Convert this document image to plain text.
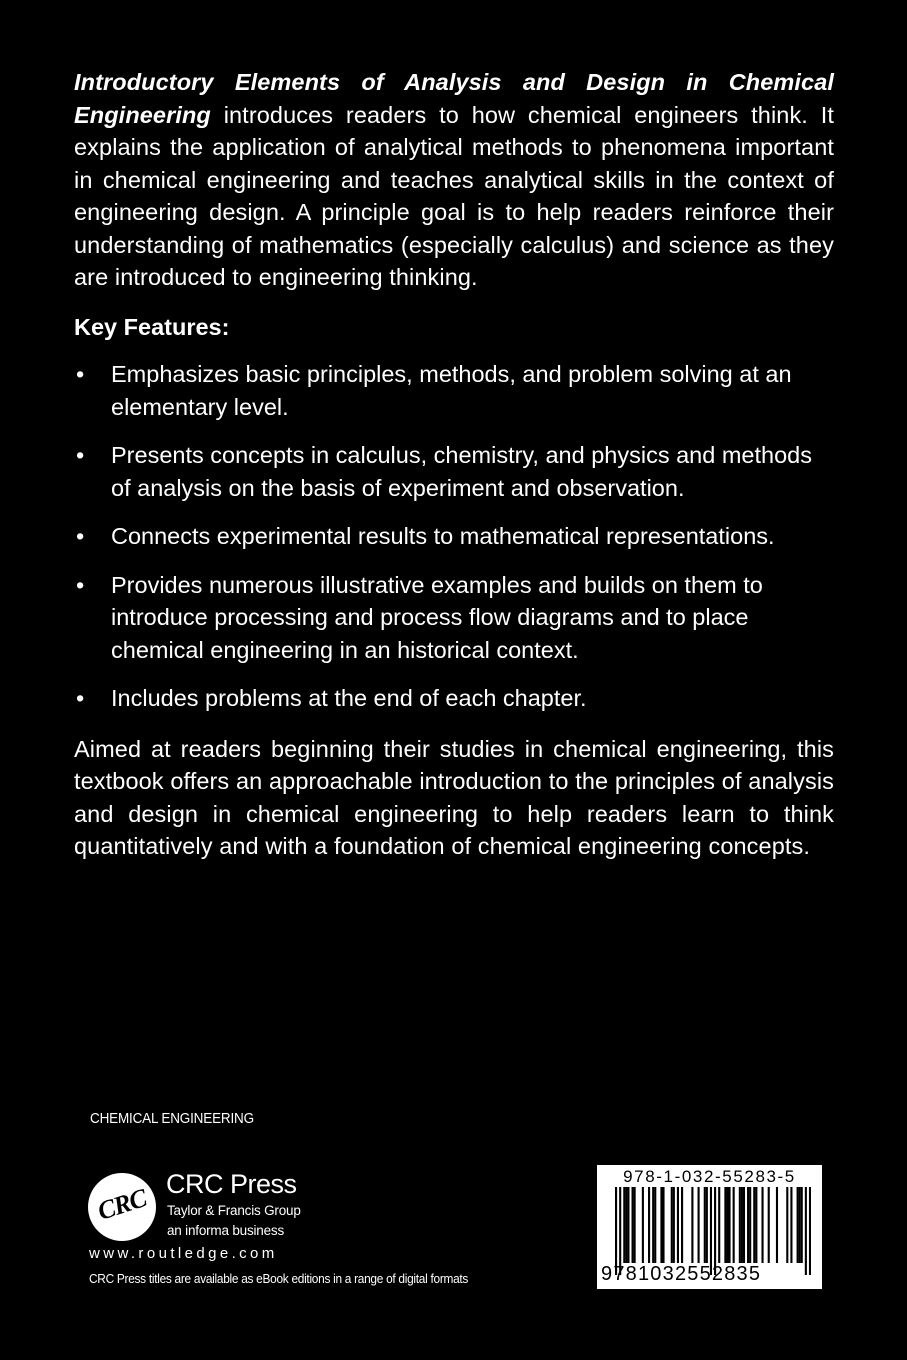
Introductory Elements of Analysis and Design in Chemical Engineering introduces readers to how chemical engineers think. It explains the application of analytical methods to phenomena important in chemical engineering and teaches analytical skills in the context of engineering design. A principle goal is to help readers reinforce their understanding of mathematics (especially calculus) and science as they are introduced to engineering thinking.

Key Features:

• Emphasizes basic principles, methods, and problem solving at an elementary level.
• Presents concepts in calculus, chemistry, and physics and methods of analysis on the basis of experiment and observation.
• Connects experimental results to mathematical representations.
• Provides numerous illustrative examples and builds on them to introduce processing and process flow diagrams and to place chemical engineering in an historical context.
• Includes problems at the end of each chapter.

Aimed at readers beginning their studies in chemical engineering, this textbook offers an approachable introduction to the principles of analysis and design in chemical engineering to help readers learn to think quantitatively and with a foundation of chemical engineering concepts.

CHEMICAL ENGINEERING
CRC CRC Press
Taylor & Francis Group
an informa business
www.routledge.com
CRC Press titles are available as eBook editions in a range of digital formats
978-1-032-55283-5
9781032552835
